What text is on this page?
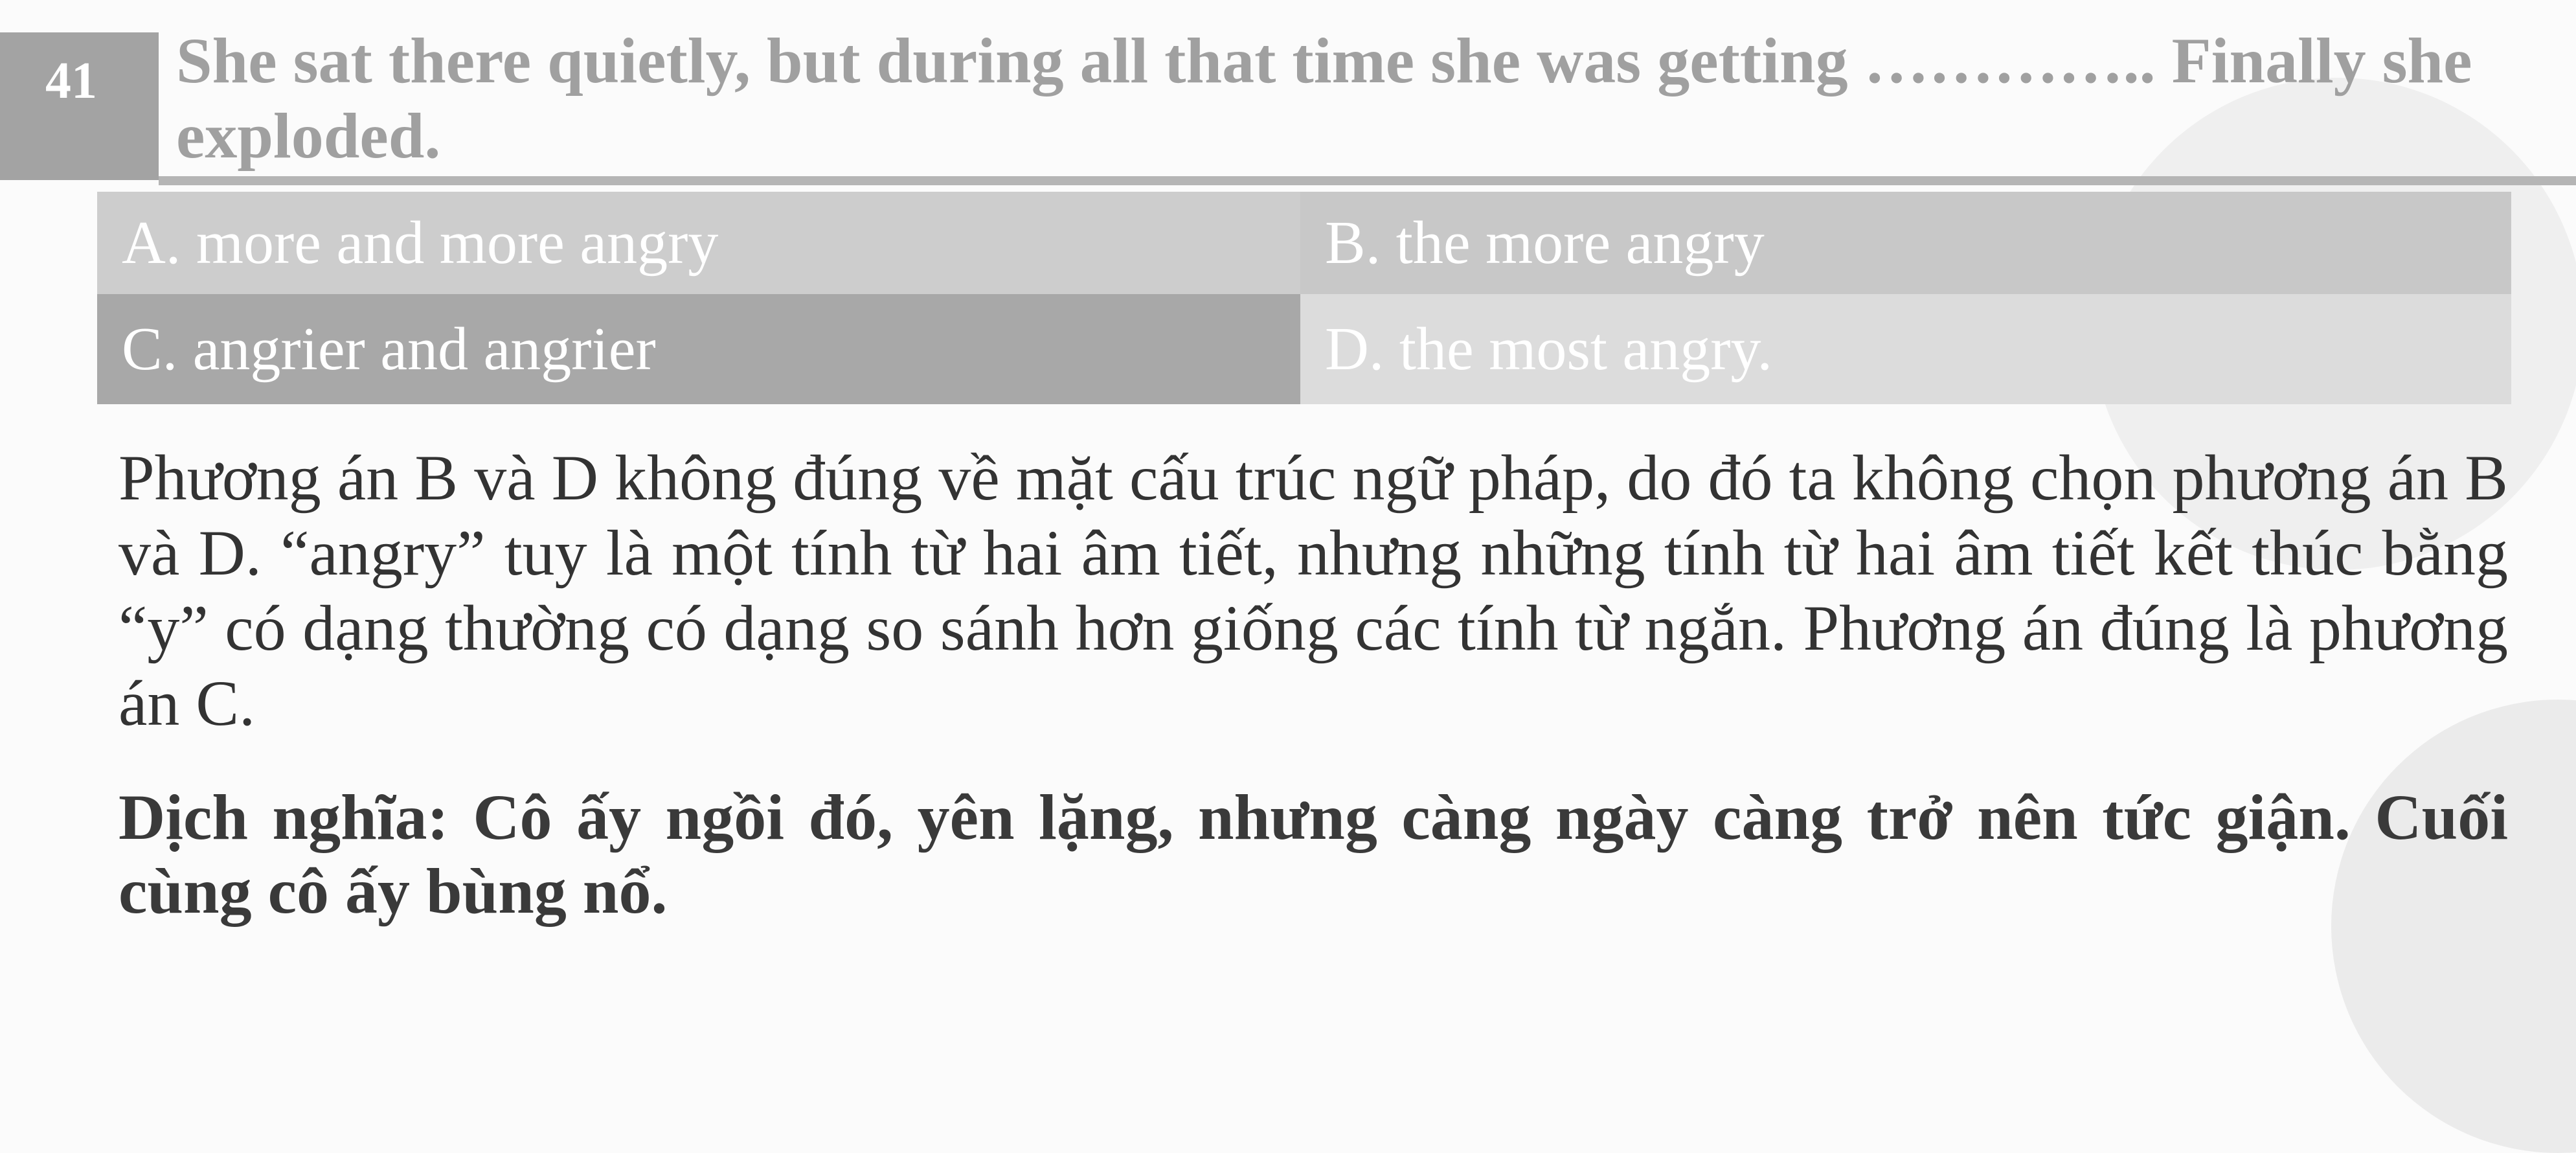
41	She sat there quietly, but during all that time she was getting ………….. Finally she exploded.

A. more and more angry	B. the more angry
C. angrier and angrier	D. the most angry.

Phương án B và D không đúng về mặt cấu trúc ngữ pháp, do đó ta không chọn phương án B và D. “angry” tuy là một tính từ hai âm tiết, nhưng những tính từ hai âm tiết kết thúc bằng “y” có dạng thường có dạng so sánh hơn giống các tính từ ngắn. Phương án đúng là phương án C.

Dịch nghĩa: Cô ấy ngồi đó, yên lặng, nhưng càng ngày càng trở nên tức giận. Cuối cùng cô ấy bùng nổ.
